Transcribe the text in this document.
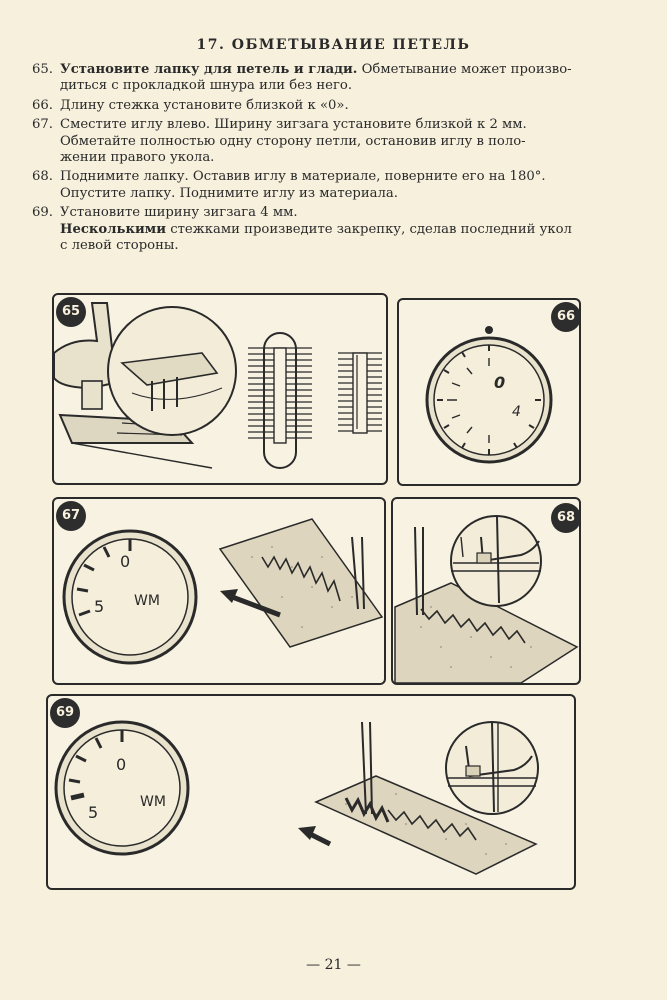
17. ОБМЕТЫВАНИЕ ПЕТЕЛЬ
65. Установите лапку для петель и глади. Обметывание может произво-
диться с прокладкой шнура или без него.
66. Длину стежка установите близкой к «0».
67. Сместите иглу влево. Ширину зигзага установите близкой к 2 мм.
Обметайте полностью одну сторону петли, остановив иглу в поло-
жении правого укола.
68. Поднимите лапку. Оставив иглу в материале, поверните его на 180°.
Опустите лапку. Поднимите иглу из материала.
69. Установите ширину зигзага 4 мм.
Несколькими стежками произведите закрепку, сделав последний укол
с левой стороны.
65	66
0
4
67
0
5 WM
68
69
0
5
WM
— 21 —
